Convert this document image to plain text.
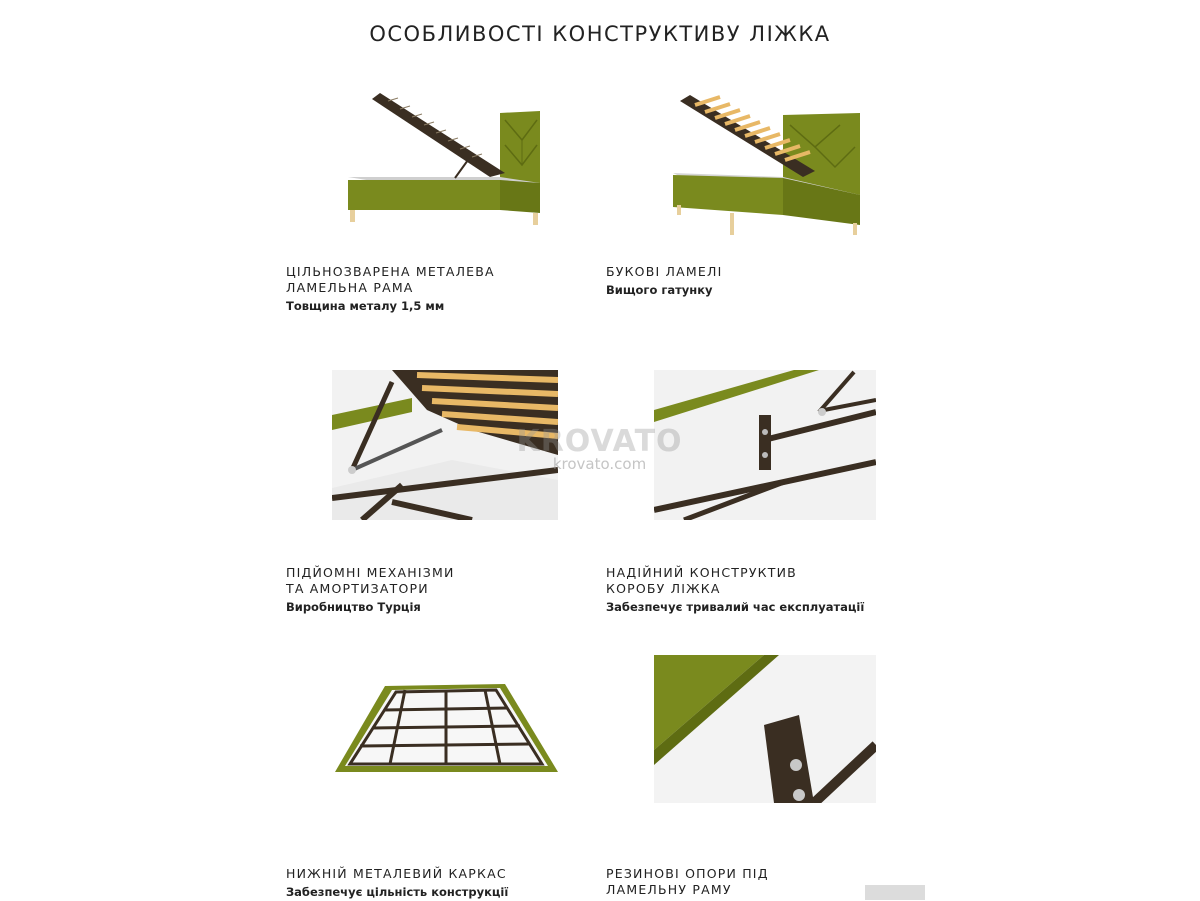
ОСОБЛИВОСТІ КОНСТРУКТИВУ ЛІЖКА
KROVATO
krovato.com
ЦІЛЬНОЗВАРЕНА МЕТАЛЕВА
ЛАМЕЛЬНА РАМА
Товщина металу 1,5 мм
БУКОВІ ЛАМЕЛІ
Вищого гатунку
ПІДЙОМНІ МЕХАНІЗМИ
ТА АМОРТИЗАТОРИ
Виробництво Турція
НАДІЙНИЙ КОНСТРУКТИВ
КОРОБУ ЛІЖКА
Забезпечує тривалий час експлуатації
НИЖНІЙ МЕТАЛЕВИЙ КАРКАС
Забезпечує цільність конструкції
РЕЗИНОВІ ОПОРИ ПІД
ЛАМЕЛЬНУ РАМУ
